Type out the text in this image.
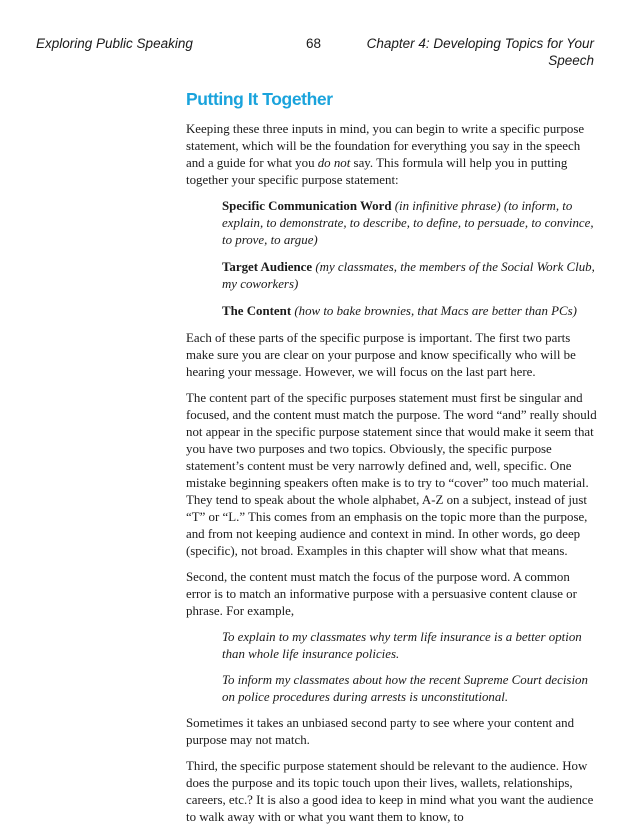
Exploring Public Speaking	68	Chapter 4: Developing Topics for Your
Speech
Putting It Together

Keeping these three inputs in mind, you can begin to write a specific purpose statement, which will be the foundation for everything you say in the speech and a guide for what you do not say. This formula will help you in putting together your specific purpose statement:

Specific Communication Word (in infinitive phrase) (to inform, to explain, to demonstrate, to describe, to define, to persuade, to convince, to prove, to argue)
Target Audience (my classmates, the members of the Social Work Club, my coworkers)
The Content (how to bake brownies, that Macs are better than PCs)

Each of these parts of the specific purpose is important. The first two parts make sure you are clear on your purpose and know specifically who will be hearing your message. However, we will focus on the last part here.

The content part of the specific purposes statement must first be singular and focused, and the content must match the purpose. The word “and” really should not appear in the specific purpose statement since that would make it seem that you have two purposes and two topics. Obviously, the specific purpose statement’s content must be very narrowly defined and, well, specific. One mistake beginning speakers often make is to try to “cover” too much material. They tend to speak about the whole alphabet, A-Z on a subject, instead of just “T” or “L.” This comes from an emphasis on the topic more than the purpose, and from not keeping audience and context in mind. In other words, go deep (specific), not broad. Examples in this chapter will show what that means.

Second, the content must match the focus of the purpose word. A common error is to match an informative purpose with a persuasive content clause or phrase. For example,

To explain to my classmates why term life insurance is a better option than whole life insurance policies.
To inform my classmates about how the recent Supreme Court decision on police procedures during arrests is unconstitutional.

Sometimes it takes an unbiased second party to see where your content and purpose may not match.

Third, the specific purpose statement should be relevant to the audience. How does the purpose and its topic touch upon their lives, wallets, relationships, careers, etc.? It is also a good idea to keep in mind what you want the audience to walk away with or what you want them to know, to
